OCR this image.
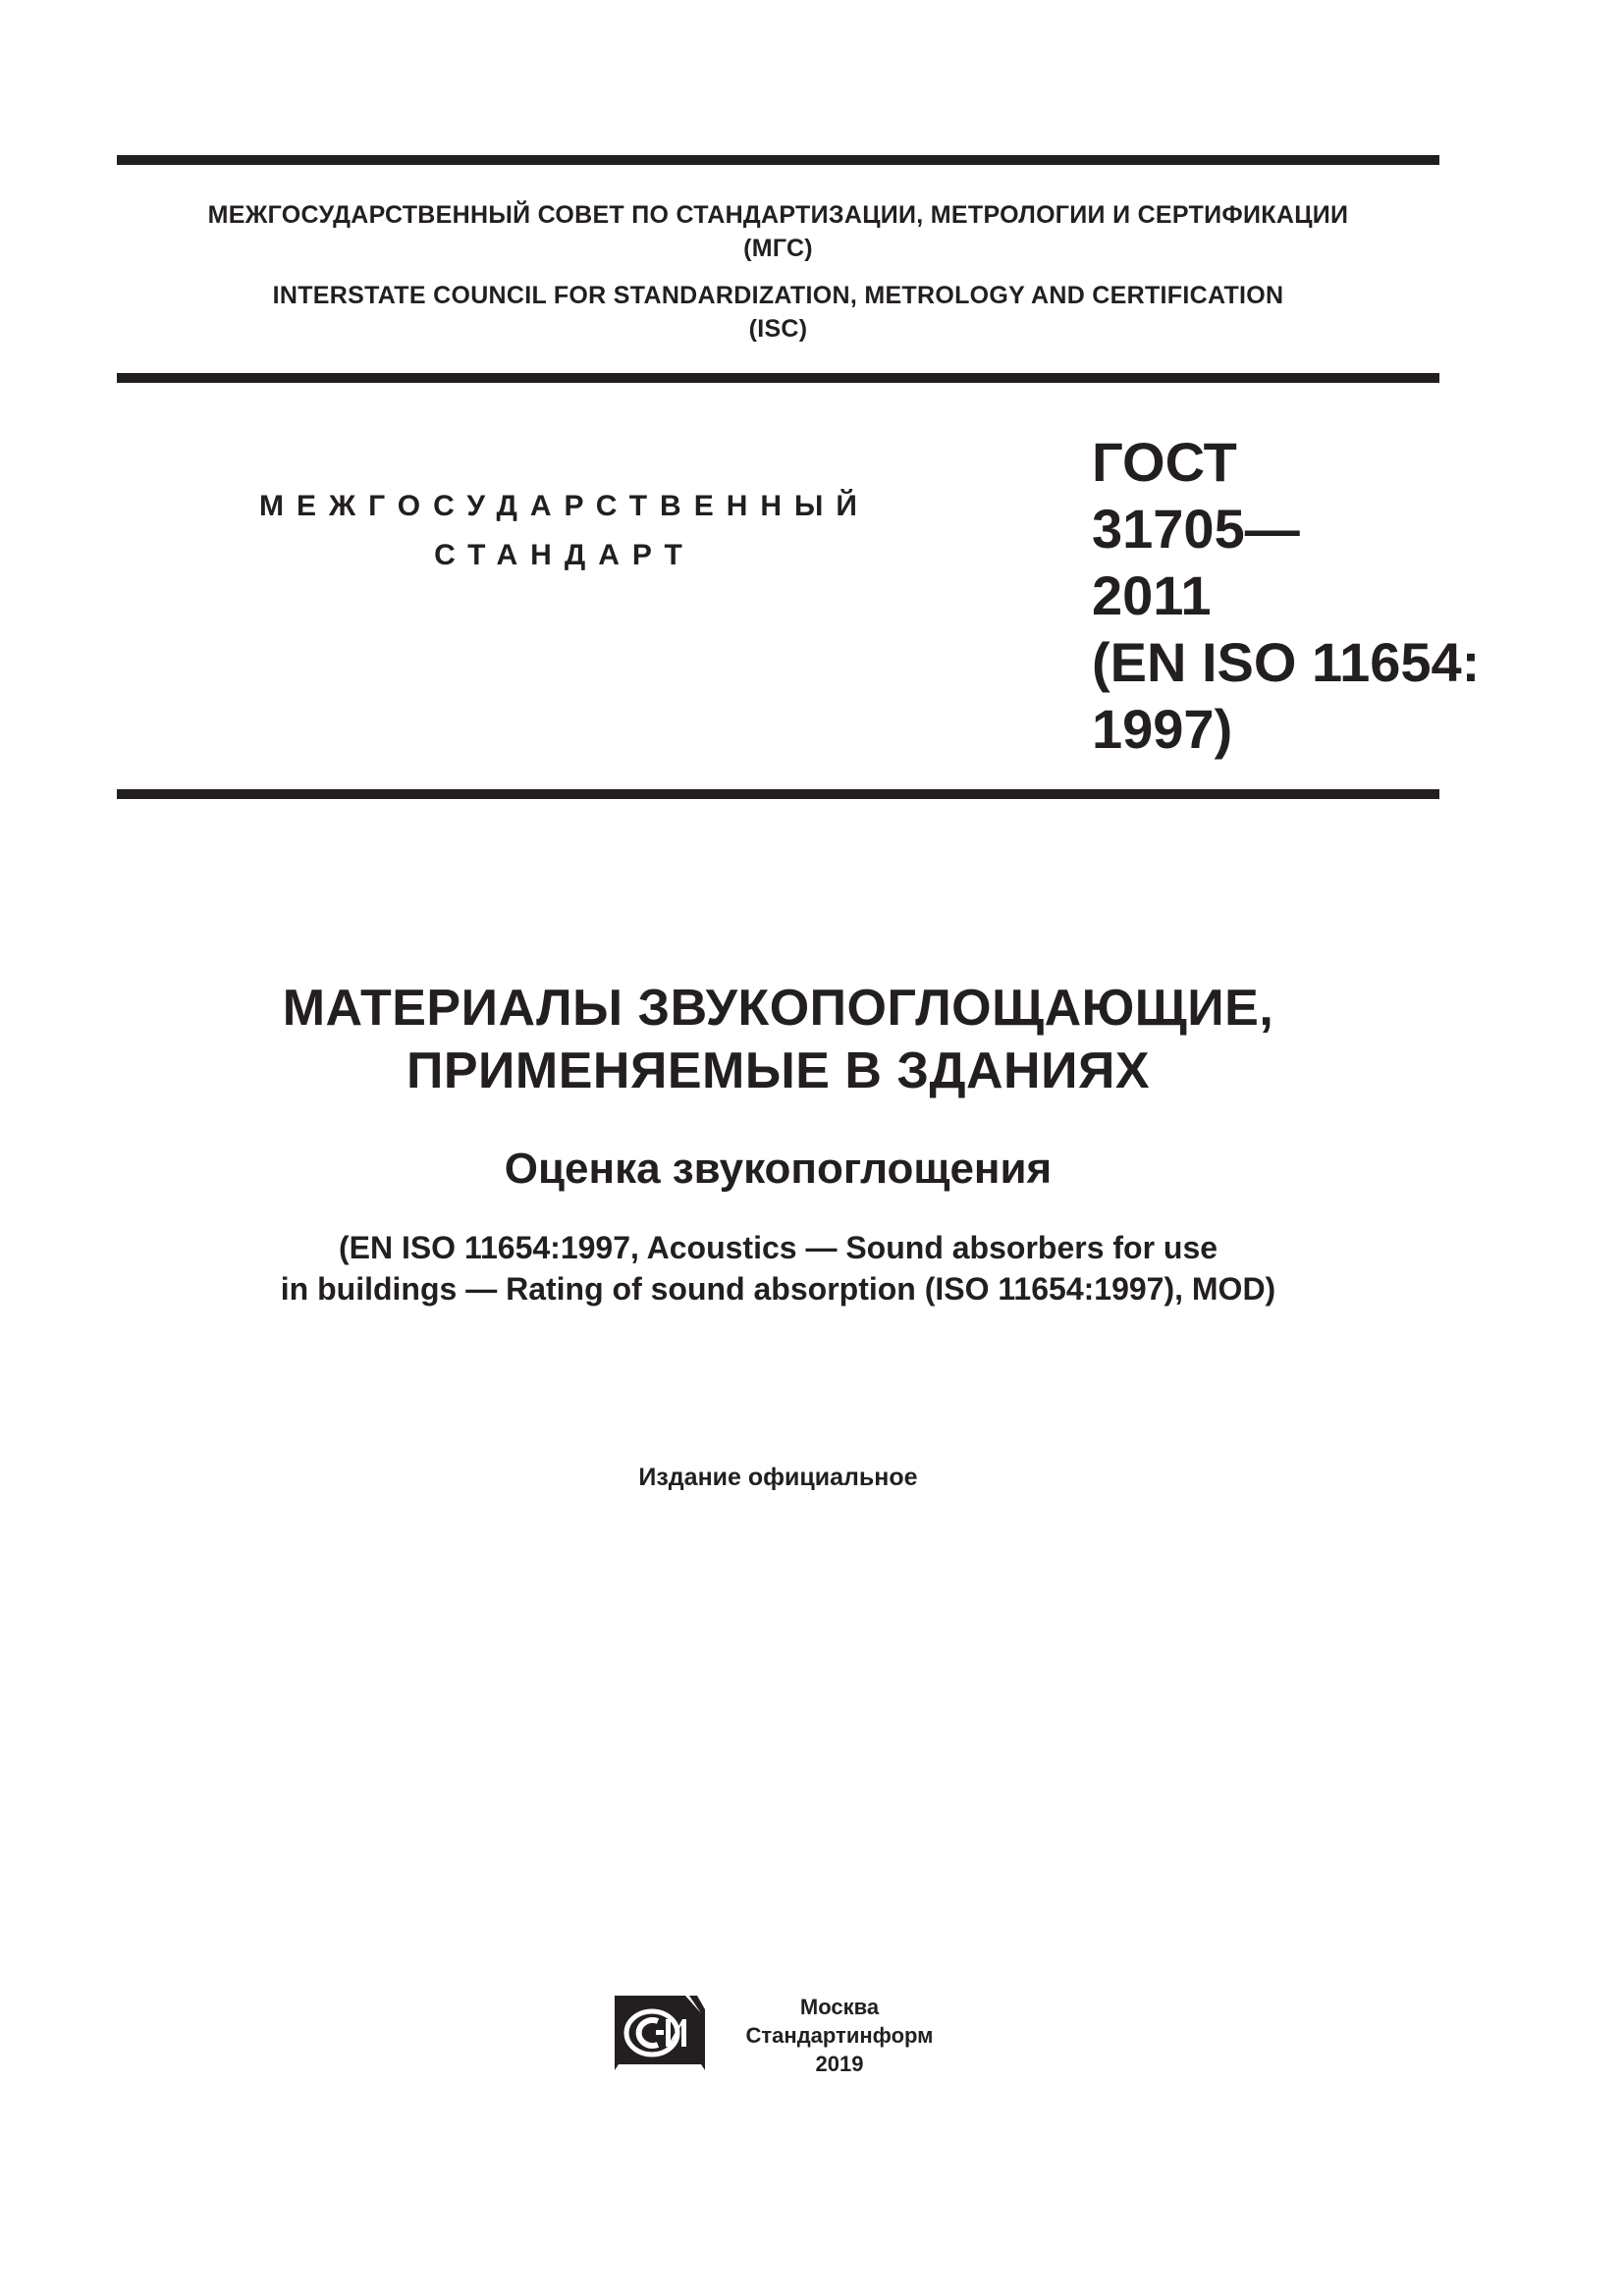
МЕЖГОСУДАРСТВЕННЫЙ СОВЕТ ПО СТАНДАРТИЗАЦИИ, МЕТРОЛОГИИ И СЕРТИФИКАЦИИ
(МГС)
INTERSTATE COUNCIL FOR STANDARDIZATION, METROLOGY AND CERTIFICATION
(ISC)
МЕЖГОСУДАРСТВЕННЫЙ
СТАНДАРТ
ГОСТ
31705—
2011
(EN ISO 11654:
1997)
МАТЕРИАЛЫ ЗВУКОПОГЛОЩАЮЩИЕ,
ПРИМЕНЯЕМЫЕ В ЗДАНИЯХ
Оценка звукопоглощения
(EN ISO 11654:1997, Acoustics — Sound absorbers for use
in buildings — Rating of sound absorption (ISO 11654:1997), MOD)
Издание официальное
Москва
Стандартинформ
2019
